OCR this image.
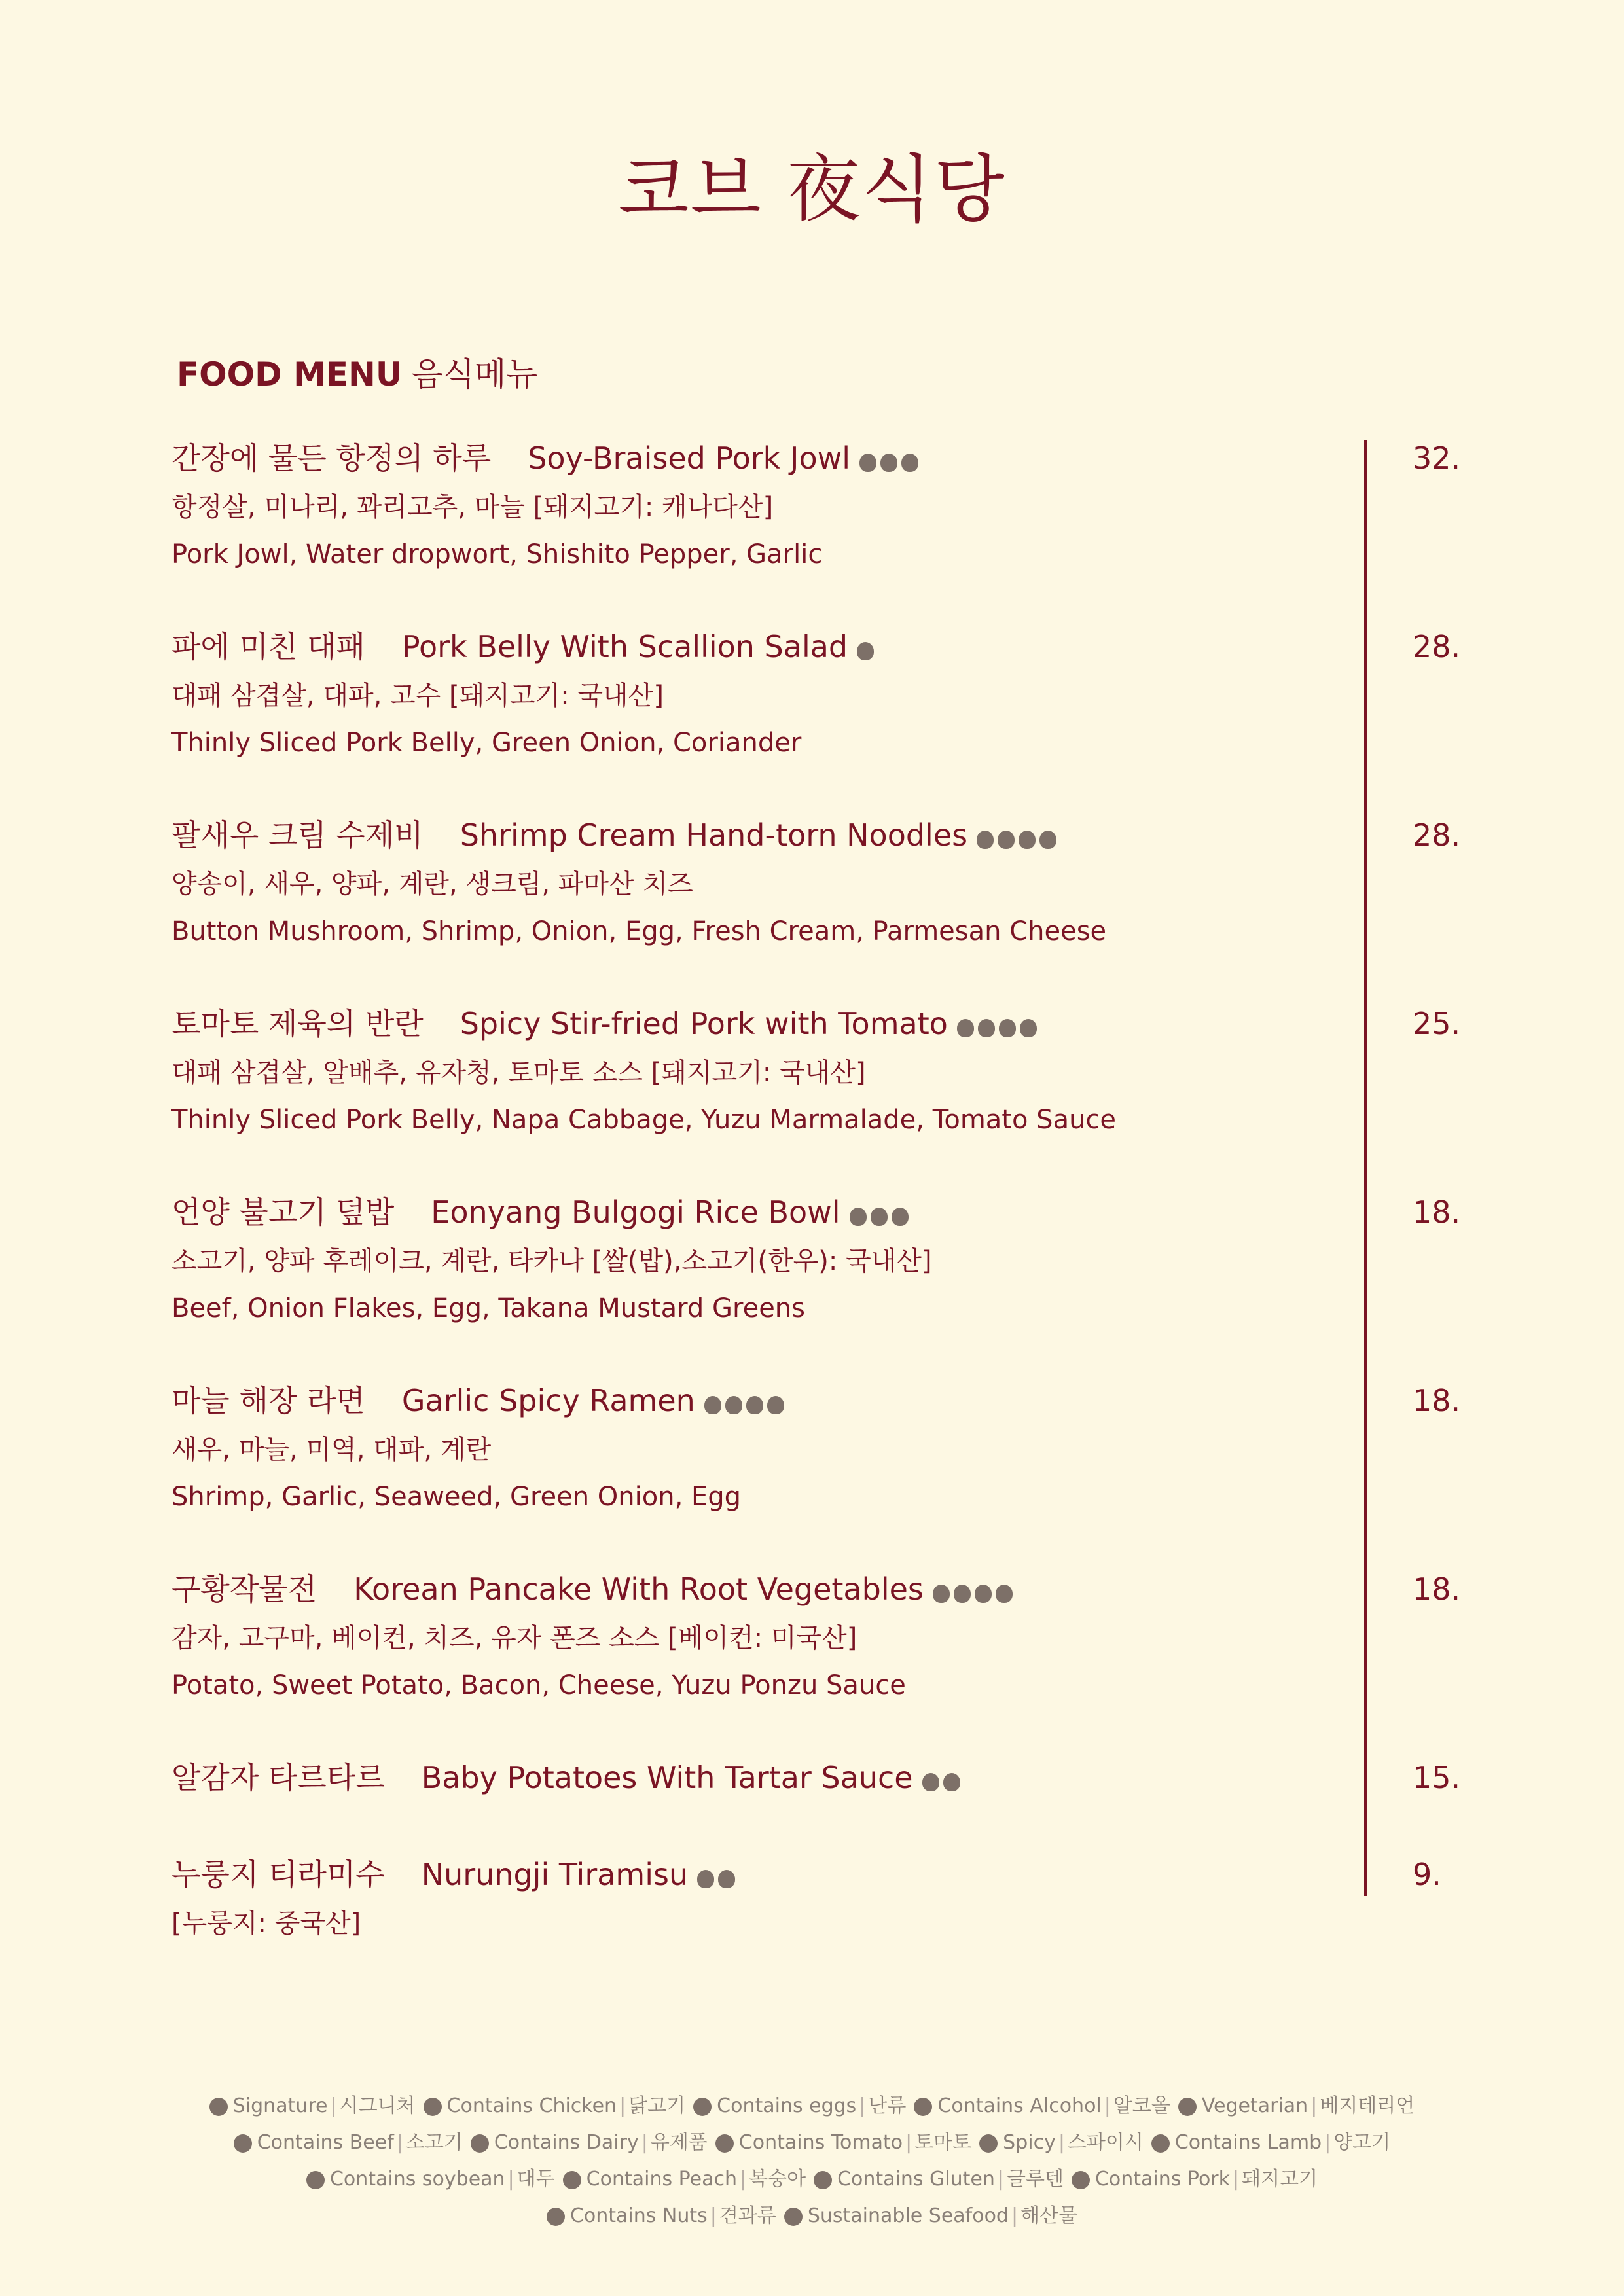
코브 夜식당
FOOD MENU 음식메뉴
간장에 물든 항정의 하루 Soy-Braised Pork Jowl
항정살, 미나리, 꽈리고추, 마늘 [돼지고기: 캐나다산]
Pork Jowl, Water dropwort, Shishito Pepper, Garlic
파에 미친 대패 Pork Belly With Scallion Salad
대패 삼겹살, 대파, 고수 [돼지고기: 국내산]
Thinly Sliced Pork Belly, Green Onion, Coriander
팔새우 크림 수제비 Shrimp Cream Hand-torn Noodles
양송이, 새우, 양파, 계란, 생크림, 파마산 치즈
Button Mushroom, Shrimp, Onion, Egg, Fresh Cream, Parmesan Cheese
토마토 제육의 반란 Spicy Stir-fried Pork with Tomato
대패 삼겹살, 알배추, 유자청, 토마토 소스 [돼지고기: 국내산]
Thinly Sliced Pork Belly, Napa Cabbage, Yuzu Marmalade, Tomato Sauce
언양 불고기 덮밥 Eonyang Bulgogi Rice Bowl
소고기, 양파 후레이크, 계란, 타카나 [쌀(밥),소고기(한우): 국내산]
Beef, Onion Flakes, Egg, Takana Mustard Greens
마늘 해장 라면 Garlic Spicy Ramen
새우, 마늘, 미역, 대파, 계란
Shrimp, Garlic, Seaweed, Green Onion, Egg
구황작물전 Korean Pancake With Root Vegetables
감자, 고구마, 베이컨, 치즈, 유자 폰즈 소스 [베이컨: 미국산]
Potato, Sweet Potato, Bacon, Cheese, Yuzu Ponzu Sauce
알감자 타르타르 Baby Potatoes With Tartar Sauce
누룽지 티라미수 Nurungji Tiramisu
[누룽지: 중국산]
Signature | 시그니처 Contains Chicken | 닭고기 Contains eggs | 난류 Contains Alcohol | 알코올 Vegetarian | 베지테리언
Contains Beef | 소고기 Contains Dairy | 유제품 Contains Tomato | 토마토 Spicy | 스파이시 Contains Lamb | 양고기
Contains soybean | 대두 Contains Peach | 복숭아 Contains Gluten | 글루텐 Contains Pork | 돼지고기
Contains Nuts | 견과류 Sustainable Seafood | 해산물
32.
28.
28.
25.
18.
18.
18.
15.
9.
